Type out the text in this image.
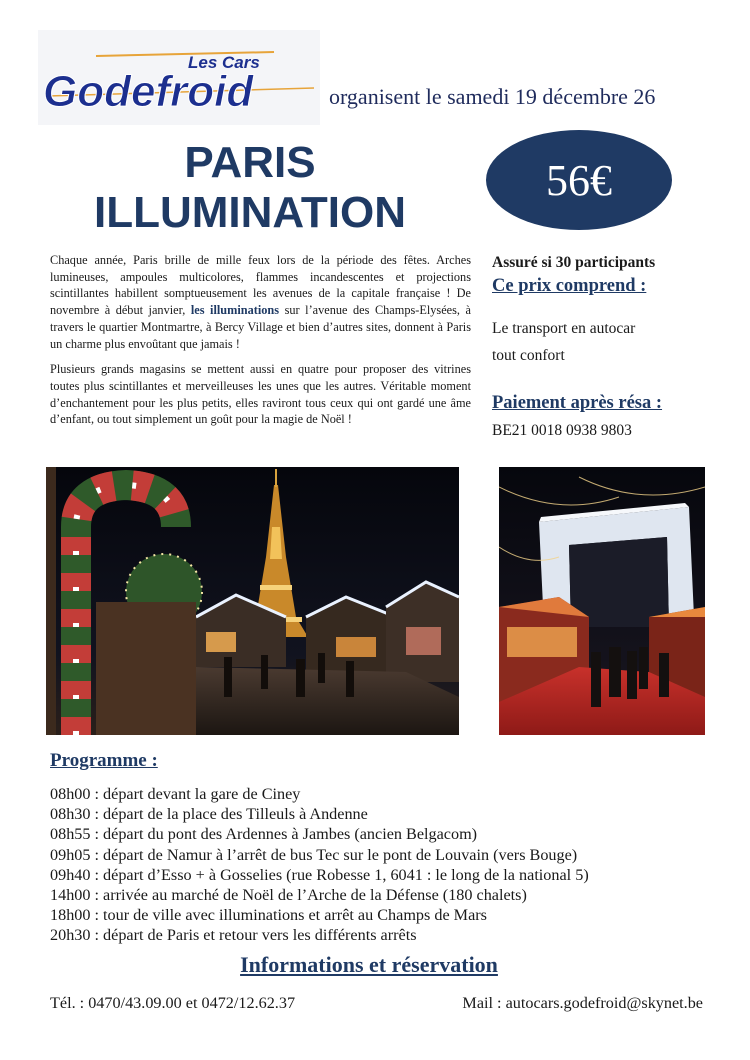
Les Cars
Godefroid	organisent le samedi 19 décembre 26
PARIS
ILLUMINATION
56€

Chaque année, Paris brille de mille feux lors de la période des fêtes. Arches lumineuses, ampoules multicolores, flammes incandescentes et projections scintillantes habillent somptueusement les avenues de la capitale française ! De novembre à début janvier, les illuminations sur l’avenue des Champs-Elysées, à travers le quartier Montmartre, à Bercy Village et bien d’autres sites, donnent à Paris un charme plus envoûtant que jamais !

Plusieurs grands magasins se mettent aussi en quatre pour proposer des vitrines toutes plus scintillantes et merveilleuses les unes que les autres. Véritable moment d’enchantement pour les plus petits, elles raviront tous ceux qui ont gardé une âme d’enfant, ou tout simplement un goût pour la magie de Noël !

Assuré si 30 participants
Ce prix comprend :
Le transport en autocar
tout confort
Paiement après résa :
BE21 0018 0938 9803
Programme :
08h00 : départ devant la gare de Ciney
08h30 : départ de la place des Tilleuls à Andenne
08h55 : départ du pont des Ardennes à Jambes (ancien Belgacom)
09h05 : départ de Namur à l’arrêt de bus Tec sur le pont de Louvain (vers Bouge)
09h40 : départ d’Esso + à Gosselies (rue Robesse 1, 6041 : le long de la national 5)
14h00 : arrivée au marché de Noël de l’Arche de la Défense (180 chalets)
18h00 : tour de ville avec illuminations et arrêt au Champs de Mars
20h30 : départ de Paris et retour vers les différents arrêts
Informations et réservation
Tél. : 0470/43.09.00 et 0472/12.62.37	Mail : autocars.godefroid@skynet.be
